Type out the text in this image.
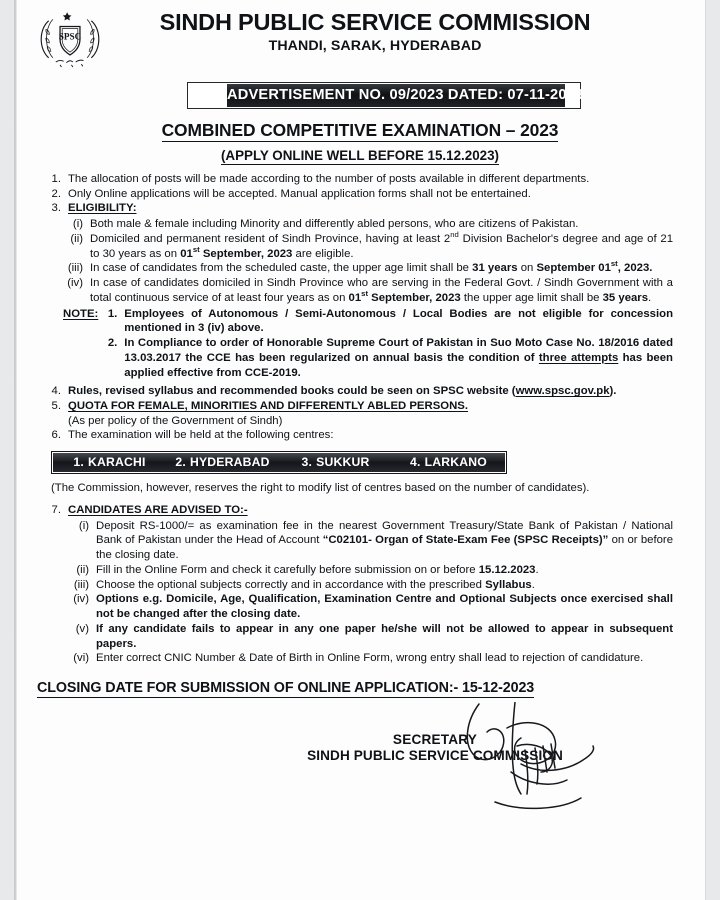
SPSC
SINDH PUBLIC SERVICE COMMISSION
THANDI, SARAK, HYDERABAD
ADVERTISEMENT NO. 09/2023 DATED: 07-11-2023
COMBINED COMPETITIVE EXAMINATION – 2023
(APPLY ONLINE WELL BEFORE 15.12.2023)
1. The allocation of posts will be made according to the number of posts available in different departments.
2. Only Online applications will be accepted. Manual application forms shall not be entertained.
3. ELIGIBILITY:
(i) Both male & female including Minority and differently abled persons, who are citizens of Pakistan.
(ii) Domiciled and permanent resident of Sindh Province, having at least 2nd Division Bachelor's degree and age of 21 to 30 years as on 01st September, 2023 are eligible.
(iii) In case of candidates from the scheduled caste, the upper age limit shall be 31 years on September 01st, 2023.
(iv) In case of candidates domiciled in Sindh Province who are serving in the Federal Govt. / Sindh Government with a total continuous service of at least four years as on 01st September, 2023 the upper age limit shall be 35 years.
NOTE: 1. Employees of Autonomous / Semi-Autonomous / Local Bodies are not eligible for concession mentioned in 3 (iv) above.
2. In Compliance to order of Honorable Supreme Court of Pakistan in Suo Moto Case No. 18/2016 dated 13.03.2017 the CCE has been regularized on annual basis the condition of three attempts has been applied effective from CCE-2019.
4. Rules, revised syllabus and recommended books could be seen on SPSC website (www.spsc.gov.pk).
5. QUOTA FOR FEMALE, MINORITIES AND DIFFERENTLY ABLED PERSONS.
(As per policy of the Government of Sindh)
6. The examination will be held at the following centres:
1. KARACHI	2. HYDERABAD	3. SUKKUR	4. LARKANO
(The Commission, however, reserves the right to modify list of centres based on the number of candidates).
7. CANDIDATES ARE ADVISED TO:-
(i) Deposit RS-1000/= as examination fee in the nearest Government Treasury/State Bank of Pakistan / National Bank of Pakistan under the Head of Account “C02101- Organ of State-Exam Fee (SPSC Receipts)” on or before the closing date.
(ii) Fill in the Online Form and check it carefully before submission on or before 15.12.2023.
(iii) Choose the optional subjects correctly and in accordance with the prescribed Syllabus.
(iv) Options e.g. Domicile, Age, Qualification, Examination Centre and Optional Subjects once exercised shall not be changed after the closing date.
(v) If any candidate fails to appear in any one paper he/she will not be allowed to appear in subsequent papers.
(vi) Enter correct CNIC Number & Date of Birth in Online Form, wrong entry shall lead to rejection of candidature.
CLOSING DATE FOR SUBMISSION OF ONLINE APPLICATION:- 15-12-2023
SECRETARY
SINDH PUBLIC SERVICE COMMISSION
